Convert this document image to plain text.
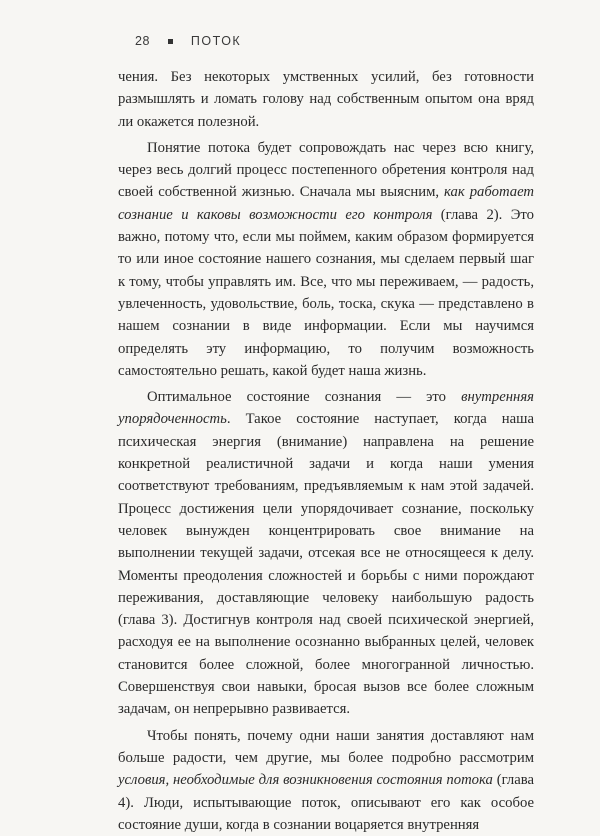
28	ПОТОК

чения. Без некоторых умственных усилий, без готовности размышлять и ломать голову над собственным опытом она вряд ли окажется полезной.

Понятие потока будет сопровождать нас через всю книгу, через весь долгий процесс постепенного обретения контроля над своей собственной жизнью. Сначала мы выясним, как работает сознание и каковы возможности его контроля (глава 2). Это важно, потому что, если мы поймем, каким образом формируется то или иное состояние нашего сознания, мы сделаем первый шаг к тому, чтобы управлять им. Все, что мы переживаем, — радость, увлеченность, удовольствие, боль, тоска, скука — представлено в нашем сознании в виде информации. Если мы научимся определять эту информацию, то получим возможность самостоятельно решать, какой будет наша жизнь.

Оптимальное состояние сознания — это внутренняя упорядоченность. Такое состояние наступает, когда наша психическая энергия (внимание) направлена на решение конкретной реалистичной задачи и когда наши умения соответствуют требованиям, предъявляемым к нам этой задачей. Процесс достижения цели упорядочивает сознание, поскольку человек вынужден концентрировать свое внимание на выполнении текущей задачи, отсекая все не относящееся к делу. Моменты преодоления сложностей и борьбы с ними порождают переживания, доставляющие человеку наибольшую радость (глава 3). Достигнув контроля над своей психической энергией, расходуя ее на выполнение осознанно выбранных целей, человек становится более сложной, более многогранной личностью. Совершенствуя свои навыки, бросая вызов все более сложным задачам, он непрерывно развивается.

Чтобы понять, почему одни наши занятия доставляют нам больше радости, чем другие, мы более подробно рассмотрим условия, необходимые для возникновения состояния потока (глава 4). Люди, испытывающие поток, описывают его как особое состояние души, когда в сознании воцаряется внутренняя
